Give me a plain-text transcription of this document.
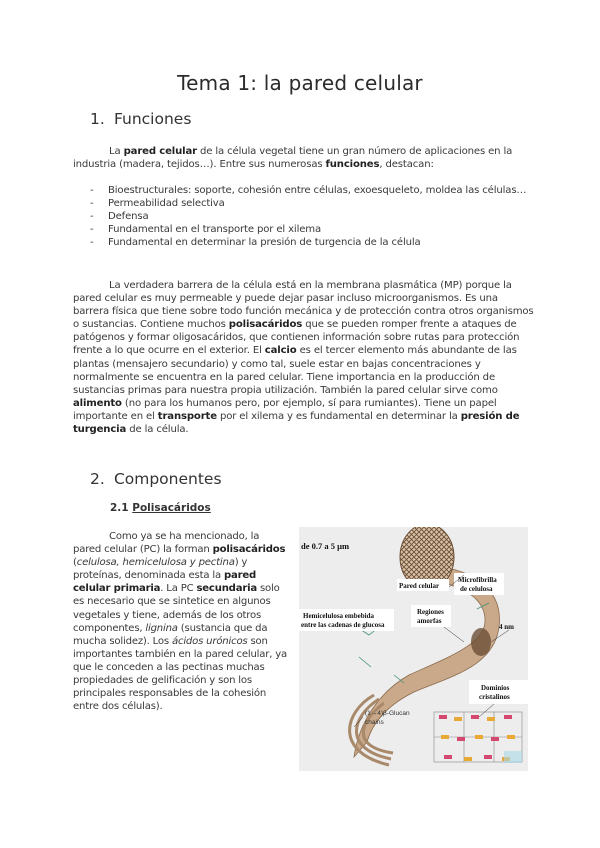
Tema 1: la pared celular
1. Funciones

La pared celular de la célula vegetal tiene un gran número de aplicaciones en la industria (madera, tejidos…). Entre sus numerosas funciones, destacan:

- Bioestructurales: soporte, cohesión entre células, exoesqueleto, moldea las células…
- Permeabilidad selectiva
- Defensa
- Fundamental en el transporte por el xilema
- Fundamental en determinar la presión de turgencia de la célula

La verdadera barrera de la célula está en la membrana plasmática (MP) porque la pared celular es muy permeable y puede dejar pasar incluso microorganismos. Es una barrera física que tiene sobre todo función mecánica y de protección contra otros organismos o sustancias. Contiene muchos polisacáridos que se pueden romper frente a ataques de patógenos y formar oligosacáridos, que contienen información sobre rutas para protección frente a lo que ocurre en el exterior. El calcio es el tercer elemento más abundante de las plantas (mensajero secundario) y como tal, suele estar en bajas concentraciones y normalmente se encuentra en la pared celular. Tiene importancia en la producción de sustancias primas para nuestra propia utilización. También la pared celular sirve como alimento (no para los humanos pero, por ejemplo, sí para rumiantes). Tiene un papel importante en el transporte por el xilema y es fundamental en determinar la presión de turgencia de la célula.

2. Componentes
2.1 Polisacáridos

Como ya se ha mencionado, la pared celular (PC) la forman polisacáridos (celulosa, hemicelulosa y pectina) y proteínas, denominada esta la pared celular primaria. La PC secundaria solo es necesario que se sintetice en algunos vegetales y tiene, además de los otros componentes, lignina (sustancia que da mucha solidez). Los ácidos urónicos son importantes también en la pared celular, ya que le conceden a las pectinas muchas propiedades de gelificación y son los principales responsables de la cohesión entre dos células).

de 0.7 a 5 µm
Pared celular
Microfibrilla
de celulosa
Hemicelulosa embebida
entre las cadenas de glucosa
Regiones
amorfas
4 nm
Dominios
cristalinos
(1→4)β-Glucan
chains
